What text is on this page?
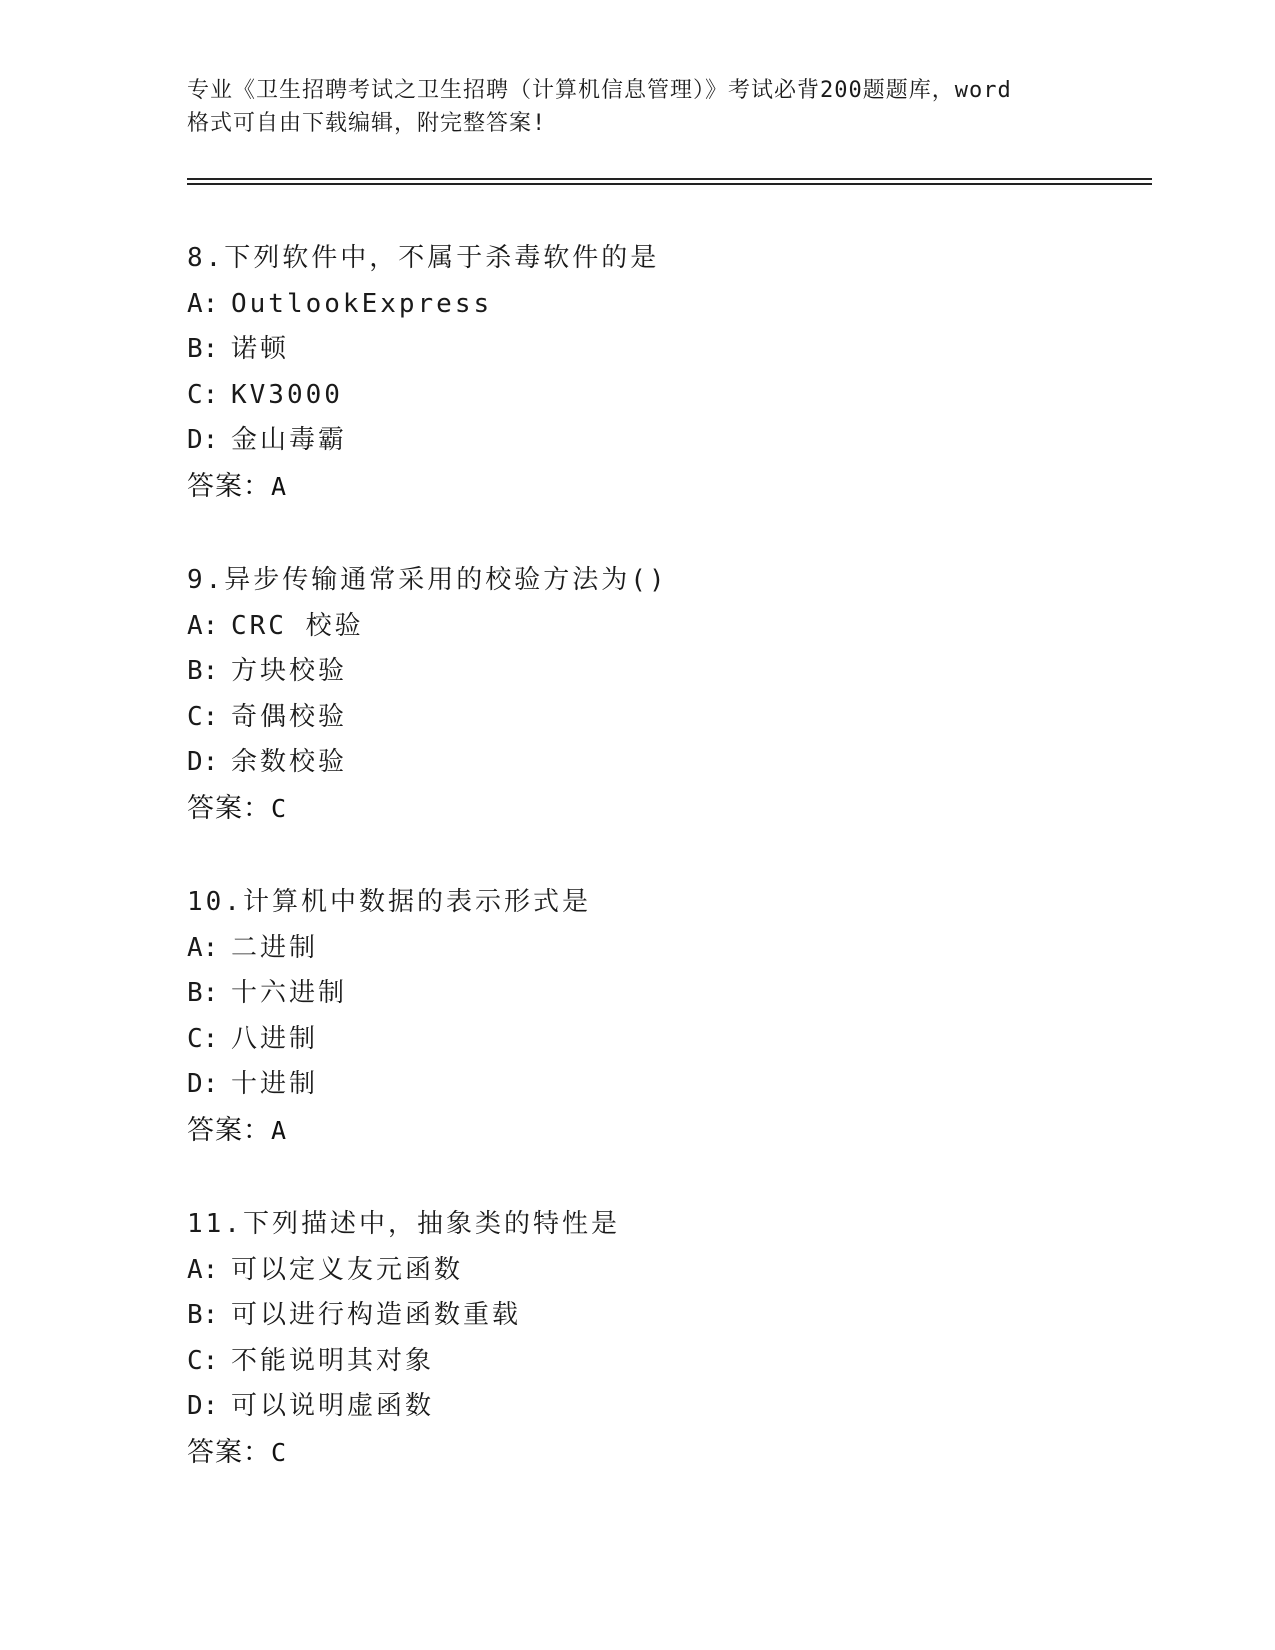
专业《卫生招聘考试之卫生招聘（计算机信息管理）》考试必背200题题库，word
格式可自由下载编辑，附完整答案!
8.下列软件中，不属于杀毒软件的是
A: OutlookExpress
B: 诺顿
C: KV3000
D: 金山毒霸
答案：A
9.异步传输通常采用的校验方法为()
A: CRC 校验
B: 方块校验
C: 奇偶校验
D: 余数校验
答案：C
10.计算机中数据的表示形式是
A: 二进制
B: 十六进制
C: 八进制
D: 十进制
答案：A
11.下列描述中，抽象类的特性是
A: 可以定义友元函数
B: 可以进行构造函数重载
C: 不能说明其对象
D: 可以说明虚函数
答案：C
